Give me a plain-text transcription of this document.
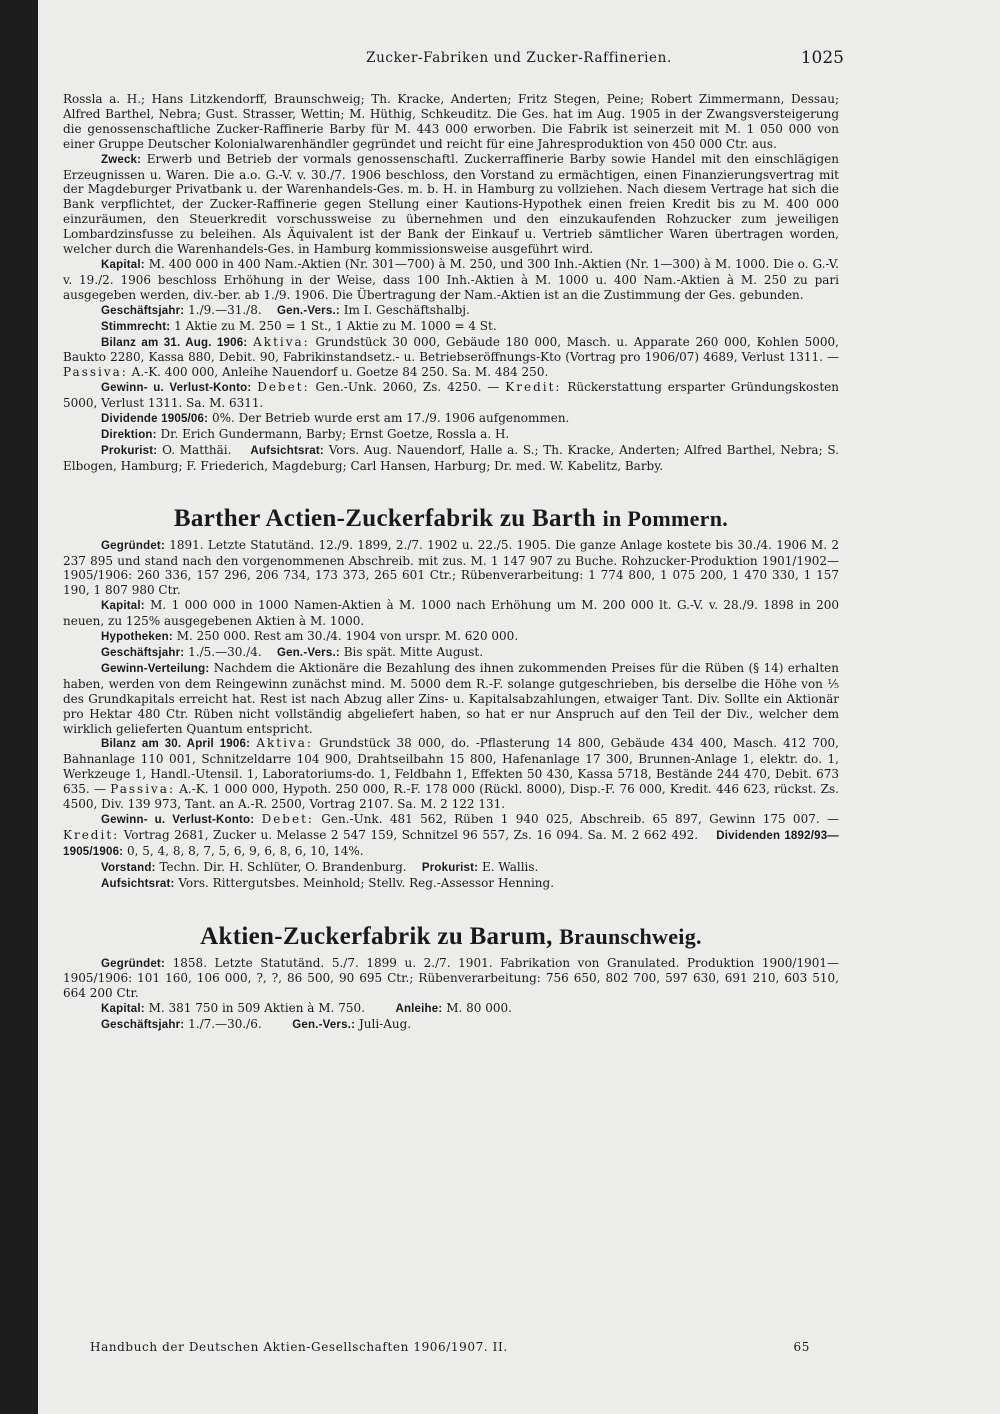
Zucker-Fabriken und Zucker-Raffinerien.	1025

Rossla a. H.; Hans Litzkendorff, Braunschweig; Th. Kracke, Anderten; Fritz Stegen, Peine; Robert Zimmermann, Dessau; Alfred Barthel, Nebra; Gust. Strasser, Wettin; M. Hüthig, Schkeuditz. Die Ges. hat im Aug. 1905 in der Zwangsversteigerung die genossenschaftliche Zucker-Raffinerie Barby für M. 443 000 erworben. Die Fabrik ist seinerzeit mit M. 1 050 000 von einer Gruppe Deutscher Kolonialwarenhändler gegründet und reicht für eine Jahresproduktion von 450 000 Ctr. aus.

Zweck: Erwerb und Betrieb der vormals genossenschaftl. Zuckerraffinerie Barby sowie Handel mit den einschlägigen Erzeugnissen u. Waren. Die a.o. G.-V. v. 30./7. 1906 beschloss, den Vorstand zu ermächtigen, einen Finanzierungsvertrag mit der Magdeburger Privatbank u. der Warenhandels-Ges. m. b. H. in Hamburg zu vollziehen. Nach diesem Vertrage hat sich die Bank verpflichtet, der Zucker-Raffinerie gegen Stellung einer Kautions-Hypothek einen freien Kredit bis zu M. 400 000 einzuräumen, den Steuerkredit vorschussweise zu übernehmen und den einzukaufenden Rohzucker zum jeweiligen Lombardzinsfusse zu beleihen. Als Äquivalent ist der Bank der Einkauf u. Vertrieb sämtlicher Waren übertragen worden, welcher durch die Warenhandels-Ges. in Hamburg kommissionsweise ausgeführt wird.

Kapital: M. 400 000 in 400 Nam.-Aktien (Nr. 301—700) à M. 250, und 300 Inh.-Aktien (Nr. 1—300) à M. 1000. Die o. G.-V. v. 19./2. 1906 beschloss Erhöhung in der Weise, dass 100 Inh.-Aktien à M. 1000 u. 400 Nam.-Aktien à M. 250 zu pari ausgegeben werden, div.-ber. ab 1./9. 1906. Die Übertragung der Nam.-Aktien ist an die Zustimmung der Ges. gebunden.

Geschäftsjahr: 1./9.—31./8. Gen.-Vers.: Im I. Geschäftshalbj.

Stimmrecht: 1 Aktie zu M. 250 = 1 St., 1 Aktie zu M. 1000 = 4 St.

Bilanz am 31. Aug. 1906: Aktiva: Grundstück 30 000, Gebäude 180 000, Masch. u. Apparate 260 000, Kohlen 5000, Baukto 2280, Kassa 880, Debit. 90, Fabrikinstandsetz.- u. Betriebseröffnungs-Kto (Vortrag pro 1906/07) 4689, Verlust 1311. — Passiva: A.-K. 400 000, Anleihe Nauendorf u. Goetze 84 250. Sa. M. 484 250.

Gewinn- u. Verlust-Konto: Debet: Gen.-Unk. 2060, Zs. 4250. — Kredit: Rückerstattung ersparter Gründungskosten 5000, Verlust 1311. Sa. M. 6311.

Dividende 1905/06: 0%. Der Betrieb wurde erst am 17./9. 1906 aufgenommen.

Direktion: Dr. Erich Gundermann, Barby; Ernst Goetze, Rossla a. H.

Prokurist: O. Matthäi. Aufsichtsrat: Vors. Aug. Nauendorf, Halle a. S.; Th. Kracke, Anderten; Alfred Barthel, Nebra; S. Elbogen, Hamburg; F. Friederich, Magdeburg; Carl Hansen, Harburg; Dr. med. W. Kabelitz, Barby.

Barther Actien-Zuckerfabrik zu Barth in Pommern.

Gegründet: 1891. Letzte Statutänd. 12./9. 1899, 2./7. 1902 u. 22./5. 1905. Die ganze Anlage kostete bis 30./4. 1906 M. 2 237 895 und stand nach den vorgenommenen Abschreib. mit zus. M. 1 147 907 zu Buche. Rohzucker-Produktion 1901/1902—1905/1906: 260 336, 157 296, 206 734, 173 373, 265 601 Ctr.; Rübenverarbeitung: 1 774 800, 1 075 200, 1 470 330, 1 157 190, 1 807 980 Ctr.

Kapital: M. 1 000 000 in 1000 Namen-Aktien à M. 1000 nach Erhöhung um M. 200 000 lt. G.-V. v. 28./9. 1898 in 200 neuen, zu 125% ausgegebenen Aktien à M. 1000.

Hypotheken: M. 250 000. Rest am 30./4. 1904 von urspr. M. 620 000.

Geschäftsjahr: 1./5.—30./4. Gen.-Vers.: Bis spät. Mitte August.

Gewinn-Verteilung: Nachdem die Aktionäre die Bezahlung des ihnen zukommenden Preises für die Rüben (§ 14) erhalten haben, werden von dem Reingewinn zunächst mind. M. 5000 dem R.-F. solange gutgeschrieben, bis derselbe die Höhe von ⅕ des Grundkapitals erreicht hat. Rest ist nach Abzug aller Zins- u. Kapitalsabzahlungen, etwaiger Tant. Div. Sollte ein Aktionär pro Hektar 480 Ctr. Rüben nicht vollständig abgeliefert haben, so hat er nur Anspruch auf den Teil der Div., welcher dem wirklich gelieferten Quantum entspricht.

Bilanz am 30. April 1906: Aktiva: Grundstück 38 000, do. -Pflasterung 14 800, Gebäude 434 400, Masch. 412 700, Bahnanlage 110 001, Schnitzeldarre 104 900, Drahtseilbahn 15 800, Hafenanlage 17 300, Brunnen-Anlage 1, elektr. do. 1, Werkzeuge 1, Handl.-Utensil. 1, Laboratoriums-do. 1, Feldbahn 1, Effekten 50 430, Kassa 5718, Bestände 244 470, Debit. 673 635. — Passiva: A.-K. 1 000 000, Hypoth. 250 000, R.-F. 178 000 (Rückl. 8000), Disp.-F. 76 000, Kredit. 446 623, rückst. Zs. 4500, Div. 139 973, Tant. an A.-R. 2500, Vortrag 2107. Sa. M. 2 122 131.

Gewinn- u. Verlust-Konto: Debet: Gen.-Unk. 481 562, Rüben 1 940 025, Abschreib. 65 897, Gewinn 175 007. — Kredit: Vortrag 2681, Zucker u. Melasse 2 547 159, Schnitzel 96 557, Zs. 16 094. Sa. M. 2 662 492. Dividenden 1892/93—1905/1906: 0, 5, 4, 8, 8, 7, 5, 6, 9, 6, 8, 6, 10, 14%.

Vorstand: Techn. Dir. H. Schlüter, O. Brandenburg. Prokurist: E. Wallis.

Aufsichtsrat: Vors. Rittergutsbes. Meinhold; Stellv. Reg.-Assessor Henning.

Aktien-Zuckerfabrik zu Barum, Braunschweig.

Gegründet: 1858. Letzte Statutänd. 5./7. 1899 u. 2./7. 1901. Fabrikation von Granulated. Produktion 1900/1901—1905/1906: 101 160, 106 000, ?, ?, 86 500, 90 695 Ctr.; Rübenverarbeitung: 756 650, 802 700, 597 630, 691 210, 603 510, 664 200 Ctr.

Kapital: M. 381 750 in 509 Aktien à M. 750.	Anleihe: M. 80 000.

Geschäftsjahr: 1./7.—30./6.	Gen.-Vers.: Juli-Aug.

Handbuch der Deutschen Aktien-Gesellschaften 1906/1907. II.	65
